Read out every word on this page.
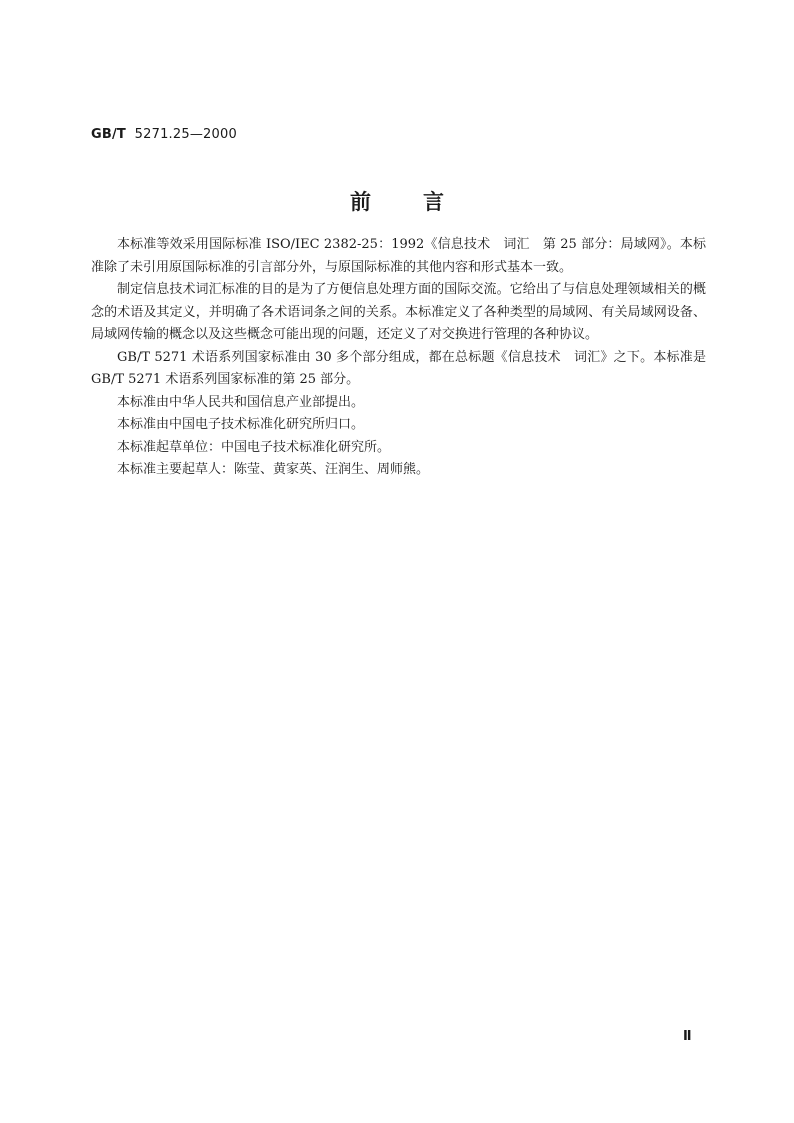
GB/T 5271.25—2000
前言

本标准等效采用国际标准 ISO/IEC 2382-25：1992《信息技术　词汇　第 25 部分：局域网》。本标准除了未引用原国际标准的引言部分外，与原国际标准的其他内容和形式基本一致。

制定信息技术词汇标准的目的是为了方便信息处理方面的国际交流。它给出了与信息处理领域相关的概念的术语及其定义，并明确了各术语词条之间的关系。本标准定义了各种类型的局域网、有关局域网设备、局域网传输的概念以及这些概念可能出现的问题，还定义了对交换进行管理的各种协议。

GB/T 5271 术语系列国家标准由 30 多个部分组成，都在总标题《信息技术　词汇》之下。本标准是 GB/T 5271 术语系列国家标准的第 25 部分。

本标准由中华人民共和国信息产业部提出。

本标准由中国电子技术标准化研究所归口。

本标准起草单位：中国电子技术标准化研究所。

本标准主要起草人：陈莹、黄家英、汪润生、周师熊。

Ⅱ
